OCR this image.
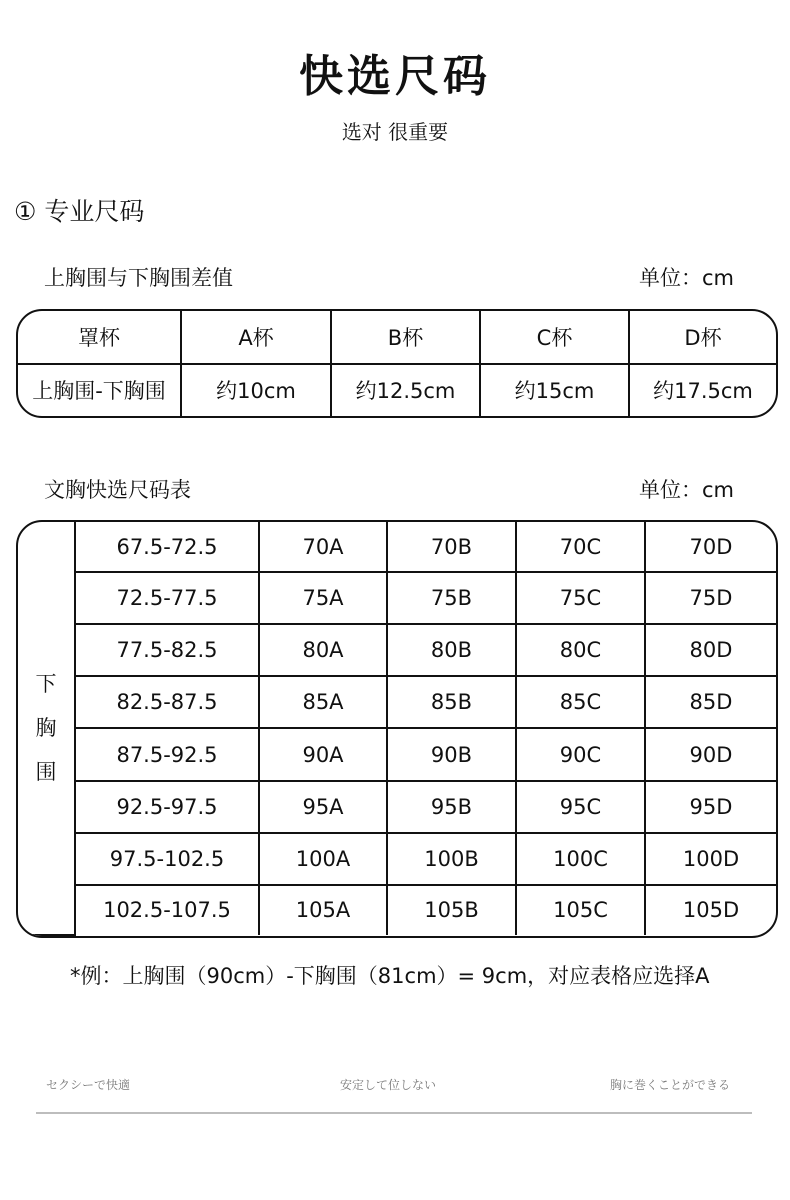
快选尺码
选对 很重要
① 专业尺码
上胸围与下胸围差值	单位：cm
罩杯	A杯	B杯	C杯	D杯
上胸围-下胸围	约10cm	约12.5cm	约15cm	约17.5cm
文胸快选尺码表	单位：cm
下
胸
围	67.5-72.5	70A	70B	70C	70D
	72.5-77.5	75A	75B	75C	75D
	77.5-82.5	80A	80B	80C	80D
	82.5-87.5	85A	85B	85C	85D
	87.5-92.5	90A	90B	90C	90D
	92.5-97.5	95A	95B	95C	95D
	97.5-102.5	100A	100B	100C	100D
	102.5-107.5	105A	105B	105C	105D
*例：上胸围（90cm）-下胸围（81cm）= 9cm，对应表格应选择A
セクシーで快適	安定して位しない	胸に巻くことができる
